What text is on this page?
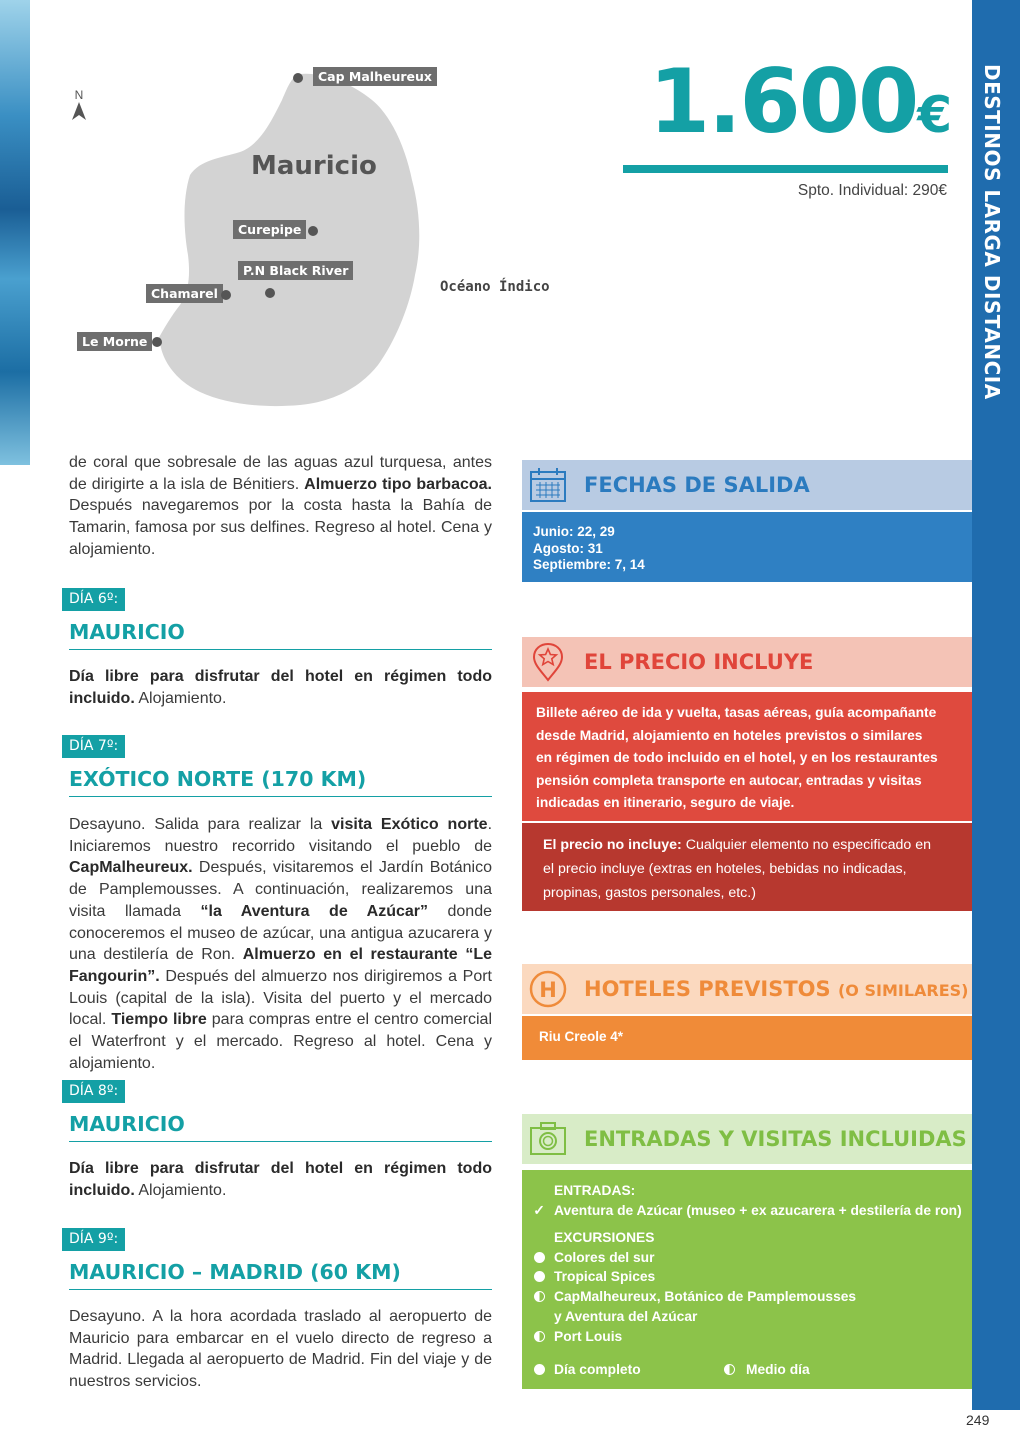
DESTINOS LARGA DISTANCIA
249
N
Mauricio
Océano Índico
Cap Malheureux
Curepipe
P.N Black River
Chamarel
Le Morne
1.600€
Spto. Individual: 290€
de coral que sobresale de las aguas azul turquesa, antes de dirigirte a la isla de Bénitiers. Almuerzo tipo barbacoa. Después navegaremos por la costa hasta la Bahía de Tamarin, famosa por sus delfines. Regreso al hotel. Cena y alojamiento.
DÍA 6º:
MAURICIO
Día libre para disfrutar del hotel en régimen todo incluido. Alojamiento.
DÍA 7º:
EXÓTICO NORTE (170 KM)
Desayuno. Salida para realizar la visita Exótico norte. Iniciaremos nuestro recorrido visitando el pueblo de CapMalheureux. Después, visitaremos el Jardín Botánico de Pamplemousses. A continuación, realizaremos una visita llamada “la Aventura de Azúcar” donde conoceremos el museo de azúcar, una antigua azucarera y una destilería de Ron. Almuerzo en el restaurante “Le Fangourin”. Después del almuerzo nos dirigiremos a Port Louis (capital de la isla). Visita del puerto y el mercado local. Tiempo libre para compras entre el centro comercial el Waterfront y el mercado. Regreso al hotel. Cena y alojamiento.
DÍA 8º:
MAURICIO
Día libre para disfrutar del hotel en régimen todo incluido. Alojamiento.
DÍA 9º:
MAURICIO – MADRID (60 KM)
Desayuno. A la hora acordada traslado al aeropuerto de Mauricio para embarcar en el vuelo directo de regreso a Madrid. Llegada al aeropuerto de Madrid. Fin del viaje y de nuestros servicios.
FECHAS DE SALIDA
Junio: 22, 29
Agosto: 31
Septiembre: 7, 14
EL PRECIO INCLUYE
Billete aéreo de ida y vuelta, tasas aéreas, guía acompañante
desde Madrid, alojamiento en hoteles previstos o similares
en régimen de todo incluido en el hotel, y en los restaurantes
pensión completa transporte en autocar, entradas y visitas
indicadas en itinerario, seguro de viaje.
El precio no incluye: Cualquier elemento no especificado en
el precio incluye (extras en hoteles, bebidas no indicadas,
propinas, gastos personales, etc.)
H HOTELES PREVISTOS (O SIMILARES)
Riu Creole 4*
ENTRADAS Y VISITAS INCLUIDAS
ENTRADAS:
✓ Aventura de Azúcar (museo + ex azucarera + destilería de ron)
EXCURSIONES
Colores del sur
Tropical Spices
CapMalheureux, Botánico de Pamplemousses
y Aventura del Azúcar
Port Louis
Día completo	Medio día
